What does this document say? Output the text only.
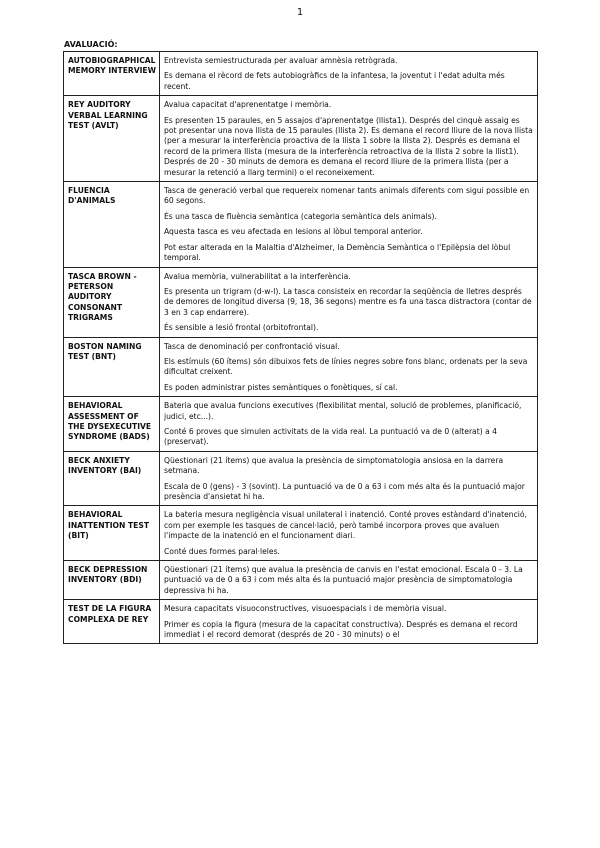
1
AVALUACIÓ:
AUTOBIOGRAPHICAL MEMORY INTERVIEW	Entrevista semiestructurada per avaluar amnèsia retrògrada.

Es demana el rècord de fets autobiogràfics de la infantesa, la joventut i l'edat adulta més recent.

REY AUDITORY VERBAL LEARNING TEST (AVLT)	Avalua capacitat d'aprenentatge i memòria.

Es presenten 15 paraules, en 5 assajos d'aprenentatge (llista1). Després del cinquè assaig es pot presentar una nova llista de 15 paraules (llista 2). Es demana el record lliure de la nova llista (per a mesurar la interferència proactiva de la llista 1 sobre la llista 2). Després es demana el record de la primera llista (mesura de la interferència retroactiva de la llista 2 sobre la llist1). Després de 20 - 30 minuts de demora es demana el record lliure de la primera llista (per a mesurar la retenció a llarg termini) o el reconeixement.

FLUENCIA D'ANIMALS	Tasca de generació verbal que requereix nomenar tants animals diferents com sigui possible en 60 segons.

És una tasca de fluència semàntica (categoria semàntica dels animals).

Aquesta tasca es veu afectada en lesions al lòbul temporal anterior.

Pot estar alterada en la Malaltia d'Alzheimer, la Demència Semàntica o l'Epilèpsia del lòbul temporal.

TASCA BROWN - PETERSON AUDITORY CONSONANT TRIGRAMS	Avalua memòria, vulnerabilitat a la interferència.

Es presenta un trigram (d-w-l). La tasca consisteix en recordar la seqüència de lletres després de demores de longitud diversa (9, 18, 36 segons) mentre es fa una tasca distractora (contar de 3 en 3 cap endarrere).

És sensible a lesió frontal (orbitofrontal).

BOSTON NAMING TEST (BNT)	Tasca de denominació per confrontació visual.

Els estímuls (60 ítems) són dibuixos fets de línies negres sobre fons blanc, ordenats per la seva dificultat creixent.

Es poden administrar pistes semàntiques o fonètiques, sí cal.

BEHAVIORAL ASSESSMENT OF THE DYSEXECUTIVE SYNDROME (BADS)	Bateria que avalua funcions executives (flexibilitat mental, solució de problemes, planificació, judici, etc...).

Conté 6 proves que simulen activitats de la vida real. La puntuació va de 0 (alterat) a 4 (preservat).

BECK ANXIETY INVENTORY (BAI)	Qüestionari (21 ítems) que avalua la presència de simptomatologia ansiosa en la darrera setmana.

Escala de 0 (gens) - 3 (sovint). La puntuació va de 0 a 63 i com més alta és la puntuació major presència d'ansietat hi ha.

BEHAVIORAL INATTENTION TEST (BIT)	La bateria mesura negligència visual unilateral i inatenció. Conté proves estàndard d'inatenció, com per exemple les tasques de cancel·lació, però també incorpora proves que avaluen l'impacte de la inatenció en el funcionament diari.

Conté dues formes paral·leles.

BECK DEPRESSION INVENTORY (BDI)	Qüestionari (21 ítems) que avalua la presència de canvis en l'estat emocional. Escala 0 - 3. La puntuació va de 0 a 63 i com més alta és la puntuació major presència de simptomatologia depressiva hi ha.

TEST DE LA FIGURA COMPLEXA DE REY	Mesura capacitats visuoconstructives, visuoespacials i de memòria visual.

Primer es copia la figura (mesura de la capacitat constructiva). Després es demana el record immediat i el record demorat (després de 20 - 30 minuts) o el
